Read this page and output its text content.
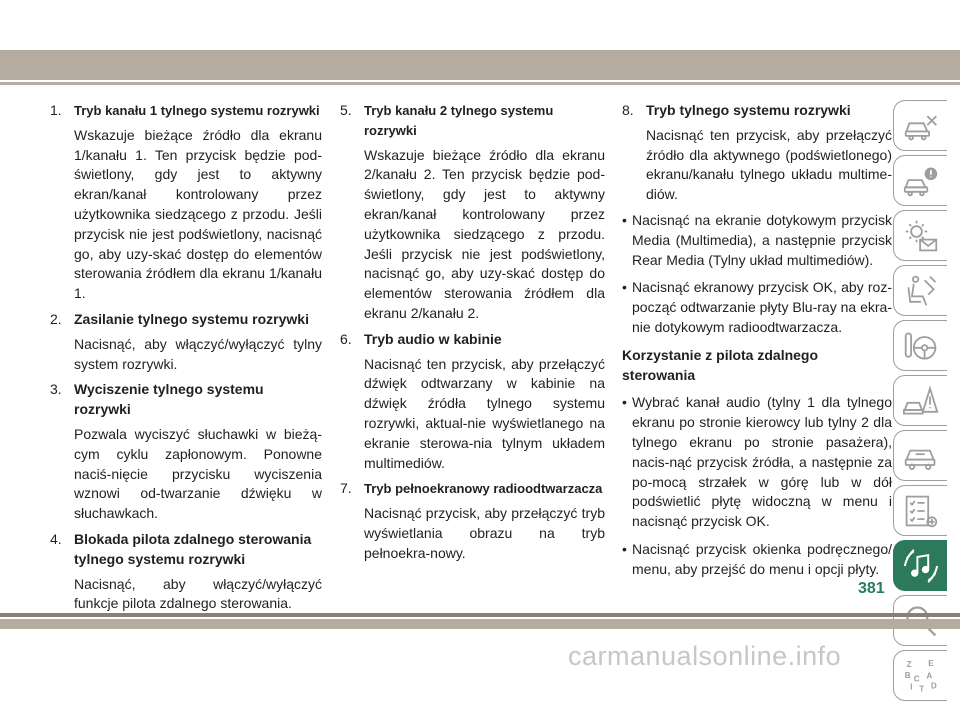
1. Tryb kanału 1 tylnego systemu rozrywki
Wskazuje bieżące źródło dla ekranu 1/kanału 1. Ten przycisk będzie pod-świetlony, gdy jest to aktywny ekran/kanał kontrolowany przez użytkownika siedzącego z przodu. Jeśli przycisk nie jest podświetlony, nacisnąć go, aby uzy-skać dostęp do elementów sterowania źródłem dla ekranu 1/kanału 1.
2. Zasilanie tylnego systemu rozrywki
Nacisnąć, aby włączyć/wyłączyć tylny system rozrywki.
3. Wyciszenie tylnego systemu rozrywki
Pozwala wyciszyć słuchawki w bieżą-cym cyklu zapłonowym. Ponowne naciś-nięcie przycisku wyciszenia wznowi od-twarzanie dźwięku w słuchawkach.
4. Blokada pilota zdalnego sterowania tylnego systemu rozrywki
Nacisnąć, aby włączyć/wyłączyć funkcje pilota zdalnego sterowania.
5. Tryb kanału 2 tylnego systemu rozrywki
Wskazuje bieżące źródło dla ekranu 2/kanału 2. Ten przycisk będzie pod-świetlony, gdy jest to aktywny ekran/kanał kontrolowany przez użytkownika siedzącego z przodu. Jeśli przycisk nie jest podświetlony, nacisnąć go, aby uzy-skać dostęp do elementów sterowania źródłem dla ekranu 2/kanału 2.
6. Tryb audio w kabinie
Nacisnąć ten przycisk, aby przełączyć dźwięk odtwarzany w kabinie na dźwięk źródła tylnego systemu rozrywki, aktual-nie wyświetlanego na ekranie sterowa-nia tylnym układem multimediów.
7. Tryb pełnoekranowy radioodtwarzacza
Nacisnąć przycisk, aby przełączyć tryb wyświetlania obrazu na tryb pełnoekra-nowy.
8. Tryb tylnego systemu rozrywki
Nacisnąć ten przycisk, aby przełączyć źródło dla aktywnego (podświetlonego) ekranu/kanału tylnego układu multime-diów.
• Nacisnąć na ekranie dotykowym przycisk Media (Multimedia), a następnie przycisk Rear Media (Tylny układ multimediów).
• Nacisnąć ekranowy przycisk OK, aby roz-począć odtwarzanie płyty Blu-ray na ekra-nie dotykowym radioodtwarzacza.
Korzystanie z pilota zdalnego sterowania
• Wybrać kanał audio (tylny 1 dla tylnego ekranu po stronie kierowcy lub tylny 2 dla tylnego ekranu po stronie pasażera), nacis-nąć przycisk źródła, a następnie za po-mocą strzałek w górę lub w dół podświetlić płytę widoczną w menu i nacisnąć przycisk OK.
• Nacisnąć przycisk okienka podręcznego/ menu, aby przejść do menu i opcji płyty.
Z E
B A
C
I T D
381
carmanualsonline.info
